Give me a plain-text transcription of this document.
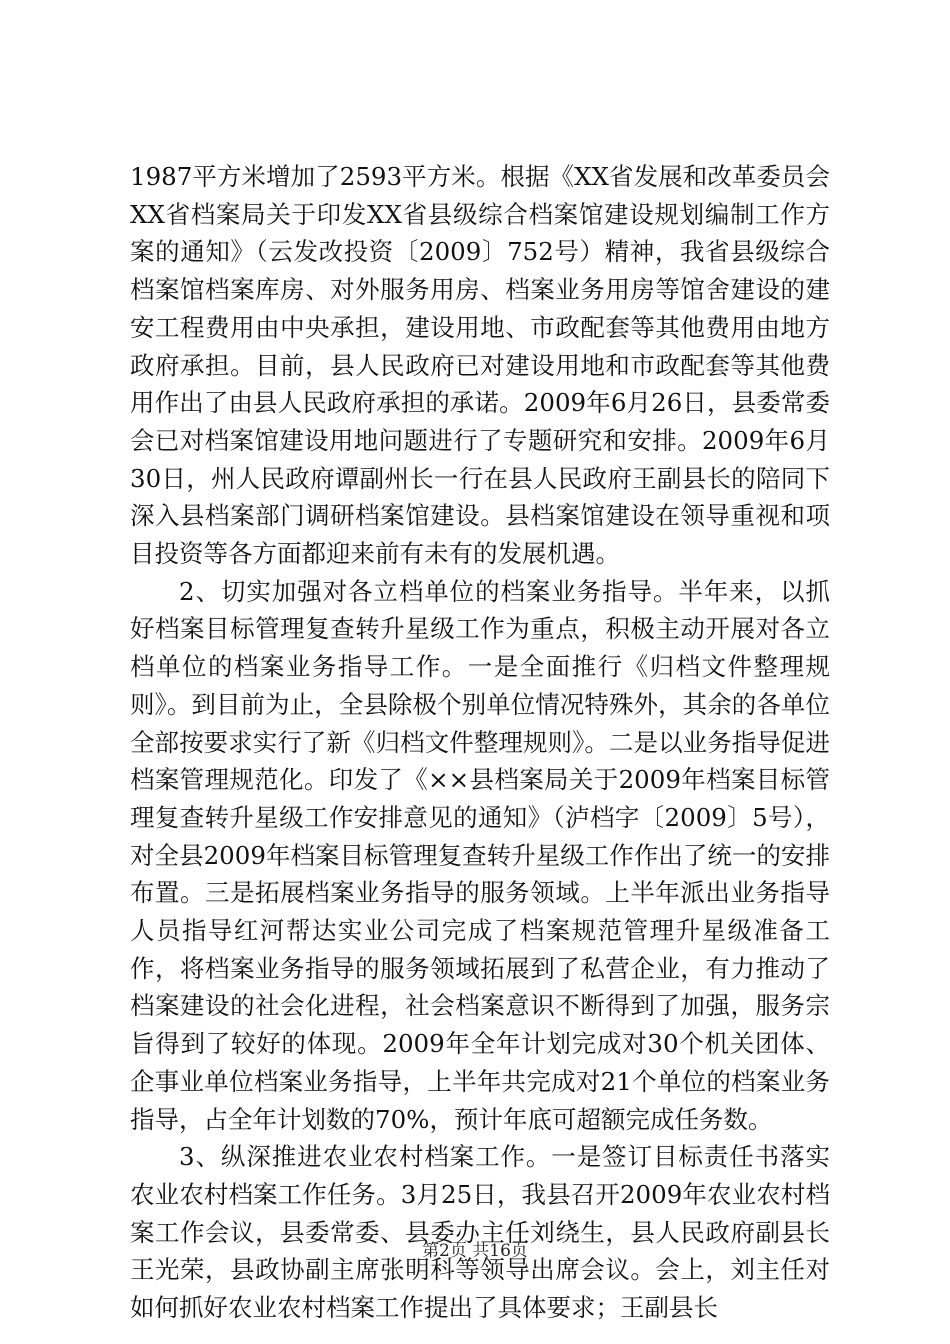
1987平方米增加了2593平方米。根据《XX省发展和改革委员会XX省档案局关于印发XX省县级综合档案馆建设规划编制工作方案的通知》（云发改投资〔2009〕752号）精神，我省县级综合档案馆档案库房、对外服务用房、档案业务用房等馆舍建设的建安工程费用由中央承担，建设用地、市政配套等其他费用由地方政府承担。目前，县人民政府已对建设用地和市政配套等其他费用作出了由县人民政府承担的承诺。2009年6月26日，县委常委会已对档案馆建设用地问题进行了专题研究和安排。2009年6月30日，州人民政府谭副州长一行在县人民政府王副县长的陪同下深入县档案部门调研档案馆建设。县档案馆建设在领导重视和项目投资等各方面都迎来前有未有的发展机遇。

2、切实加强对各立档单位的档案业务指导。半年来，以抓好档案目标管理复查转升星级工作为重点，积极主动开展对各立档单位的档案业务指导工作。一是全面推行《归档文件整理规则》。到目前为止，全县除极个别单位情况特殊外，其余的各单位全部按要求实行了新《归档文件整理规则》。二是以业务指导促进档案管理规范化。印发了《××县档案局关于2009年档案目标管理复查转升星级工作安排意见的通知》（泸档字〔2009〕5号），对全县2009年档案目标管理复查转升星级工作作出了统一的安排布置。三是拓展档案业务指导的服务领域。上半年派出业务指导人员指导红河帮达实业公司完成了档案规范管理升星级准备工作，将档案业务指导的服务领域拓展到了私营企业，有力推动了档案建设的社会化进程，社会档案意识不断得到了加强，服务宗旨得到了较好的体现。2009年全年计划完成对30个机关团体、企事业单位档案业务指导，上半年共完成对21个单位的档案业务指导，占全年计划数的70%，预计年底可超额完成任务数。

3、纵深推进农业农村档案工作。一是签订目标责任书落实农业农村档案工作任务。3月25日，我县召开2009年农业农村档案工作会议，县委常委、县委办主任刘绕生，县人民政府副县长王光荣，县政协副主席张明科等领导出席会议。会上，刘主任对如何抓好农业农村档案工作提出了具体要求；王副县长

第2页 共16页
